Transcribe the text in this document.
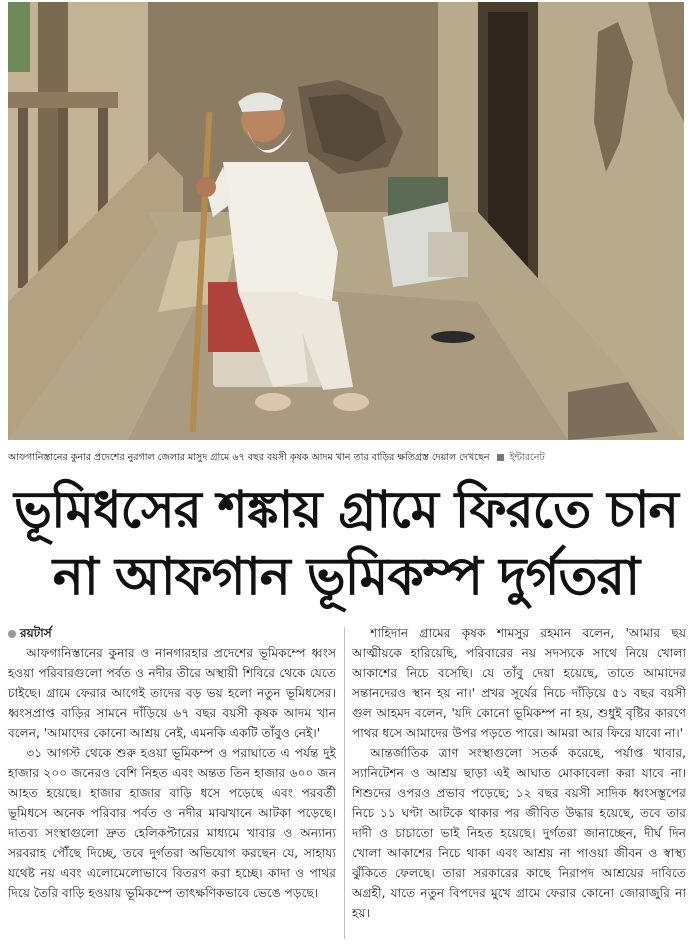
আফগানিস্তানের কুনার প্রদেশের নুরগাল জেলার মাসুদ গ্রামে ৬৭ বছর বয়সী কৃষক আদম খান তার বাড়ির ক্ষতিগ্রস্ত দেয়াল দেখছেন ইন্টারনেট
ভূমিধসের শঙ্কায় গ্রামে ফিরতে চান
না আফগান ভূমিকম্প দুর্গতরা
রয়টার্স

আফগানিস্তানের কুনার ও নানগারহার প্রদেশের ভূমিকম্পে ধ্বংস হওয়া পরিবারগুলো পর্বত ও নদীর তীরে অস্থায়ী শিবিরে থেকে যেতে চাইছে। গ্রামে ফেরার আগেই তাদের বড় ভয় হলো নতুন ভূমিধসের। ধ্বংসপ্রাপ্ত বাড়ির সামনে দাঁড়িয়ে ৬৭ বছর বয়সী কৃষক আদম খান বলেন, 'আমাদের কোনো আশ্রয় নেই, এমনকি একটি তাঁবুও নেই।'

৩১ আগস্ট থেকে শুরু হওয়া ভূমিকম্প ও পরাঘাতে এ পর্যন্ত দুই হাজার ২০০ জনেরও বেশি নিহত এবং অন্তত তিন হাজার ৬০০ জন আহত হয়েছে। হাজার হাজার বাড়ি ধসে পড়েছে এবং পরবর্তী ভূমিধসে অনেক পরিবার পর্বত ও নদীর মাঝখানে আটকা পড়েছে। দাতব্য সংস্থাগুলো দ্রুত হেলিকপ্টারের মাধ্যমে খাবার ও অন্যান্য সরবরাহ পৌঁছে দিচ্ছে, তবে দুর্গতরা অভিযোগ করছেন যে, সাহায্য যথেষ্ট নয় এবং এলোমেলোভাবে বিতরণ করা হচ্ছে। কাদা ও পাথর দিয়ে তৈরি বাড়ি হওয়ায় ভূমিকম্পে তাৎক্ষণিকভাবে ভেঙে পড়ছে।

শাহিদান গ্রামের কৃষক শামসুর রহমান বলেন, 'আমার ছয় আত্মীয়কে হারিয়েছি, পরিবারের নয় সদস্যকে সাথে নিয়ে খোলা আকাশের নিচে বসেছি। যে তাঁবু দেয়া হয়েছে, তাতে আমাদের সন্তানদেরও স্থান হয় না।' প্রখর সূর্যের নিচে দাঁড়িয়ে ৫১ বছর বয়সী গুল আহমদ বলেন, 'যদি কোনো ভূমিকম্প না হয়, শুধুই বৃষ্টির কারণে পাথর ধসে আমাদের উপর পড়তে পারে। আমরা আর ফিরে যাবো না।'

আন্তর্জাতিক ত্রাণ সংস্থাগুলো সতর্ক করেছে, পর্যাপ্ত খাবার, স্যানিটেশন ও আশ্রয় ছাড়া এই আঘাত মোকাবেলা করা যাবে না। শিশুদের ওপরও প্রভাব পড়েছে; ১২ বছর বয়সী সাদিক ধ্বংসস্তূপের নিচে ১১ ঘণ্টা আটকে থাকার পর জীবিত উদ্ধার হয়েছে, তবে তার দাদী ও চাচাতো ভাই নিহত হয়েছে। দুর্গতরা জানাচ্ছেন, দীর্ঘ দিন খোলা আকাশের নিচে থাকা এবং আশ্রয় না পাওয়া জীবন ও স্বাস্থ্য ঝুঁকিতে ফেলছে। তারা সরকারের কাছে নিরাপদ আশ্রয়ের দাবিতে অগ্রহী, যাতে নতুন বিপদের মুখে গ্রামে ফেরার কোনো জোরাজুরি না হয়।
